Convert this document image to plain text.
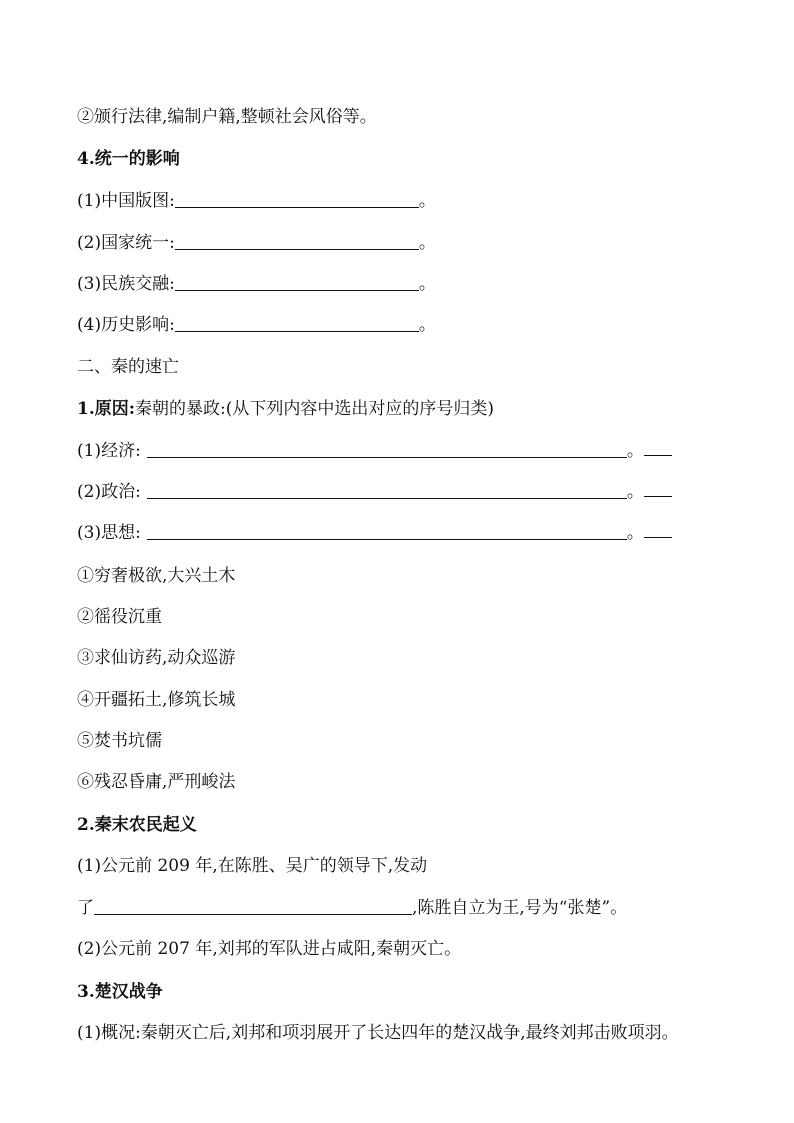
②颁行法律,编制户籍,整顿社会风俗等。
4.统一的影响
(1)中国版图:	。
(2)国家统一:	。
(3)民族交融:	。
(4)历史影响:	。
二、秦的速亡
1.原因:秦朝的暴政:(从下列内容中选出对应的序号归类)
(1)经济:	。
(2)政治:	。
(3)思想:	。
①穷奢极欲,大兴土木
②徭役沉重
③求仙访药,动众巡游
④开疆拓土,修筑长城
⑤焚书坑儒
⑥残忍昏庸,严刑峻法
2.秦末农民起义
(1)公元前 209 年,在陈胜、吴广的领导下,发动
了	,陈胜自立为王,号为“张楚”。
(2)公元前 207 年,刘邦的军队进占咸阳,秦朝灭亡。
3.楚汉战争
(1)概况:秦朝灭亡后,刘邦和项羽展开了长达四年的楚汉战争,最终刘邦击败项羽。
